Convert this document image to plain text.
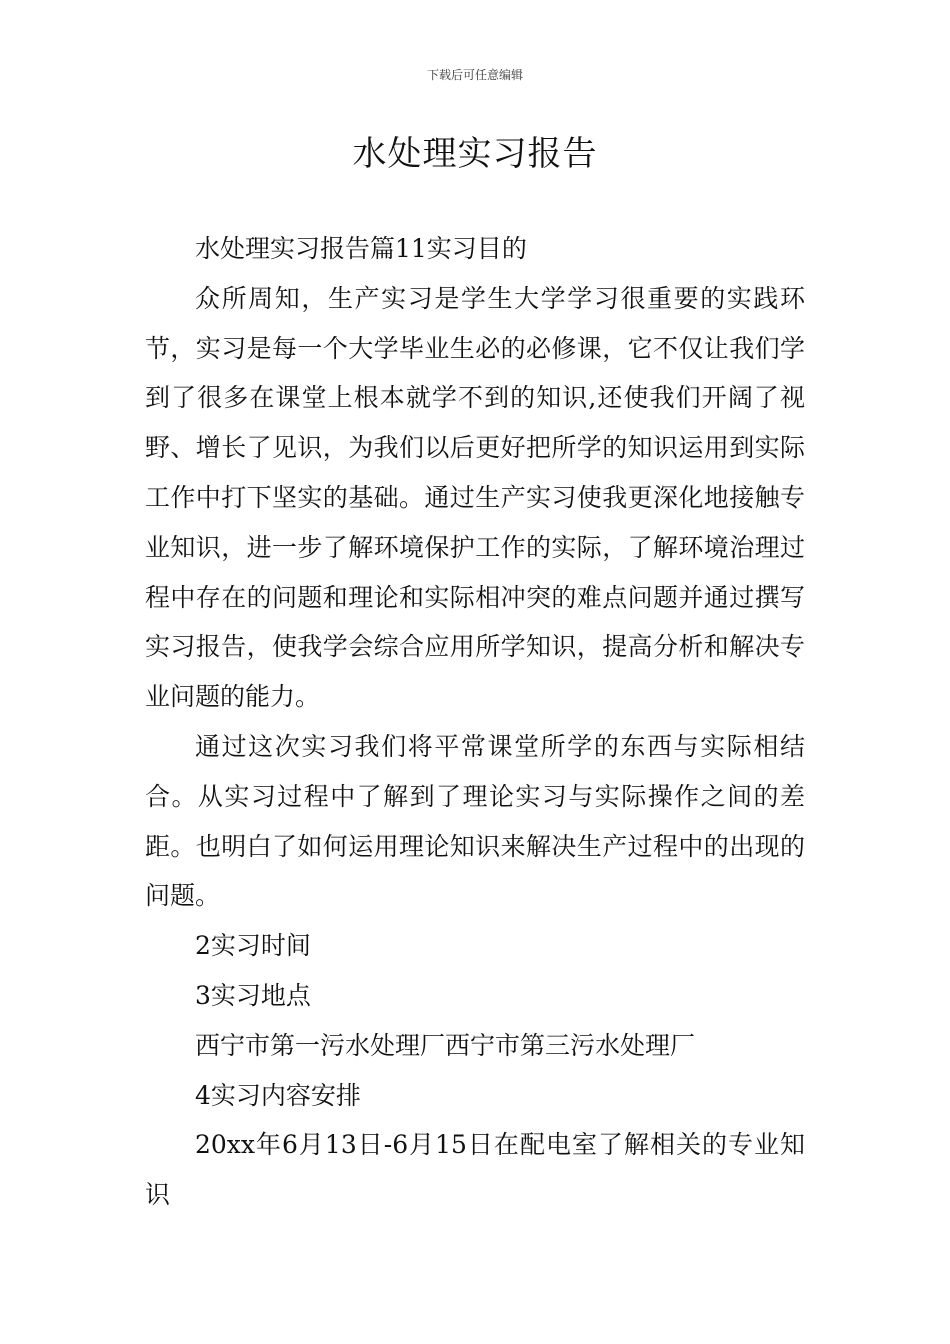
下载后可任意编辑
水处理实习报告

水处理实习报告篇11实习目的

众所周知，生产实习是学生大学学习很重要的实践环节，实习是每一个大学毕业生必的必修课，它不仅让我们学到了很多在课堂上根本就学不到的知识,还使我们开阔了视野、增长了见识，为我们以后更好把所学的知识运用到实际工作中打下坚实的基础。通过生产实习使我更深化地接触专业知识，进一步了解环境保护工作的实际，了解环境治理过程中存在的问题和理论和实际相冲突的难点问题并通过撰写实习报告，使我学会综合应用所学知识，提高分析和解决专业问题的能力。

通过这次实习我们将平常课堂所学的东西与实际相结合。从实习过程中了解到了理论实习与实际操作之间的差距。也明白了如何运用理论知识来解决生产过程中的出现的问题。

2实习时间

3实习地点

西宁市第一污水处理厂西宁市第三污水处理厂

4实习内容安排

20xx年6月13日-6月15日在配电室了解相关的专业知识
